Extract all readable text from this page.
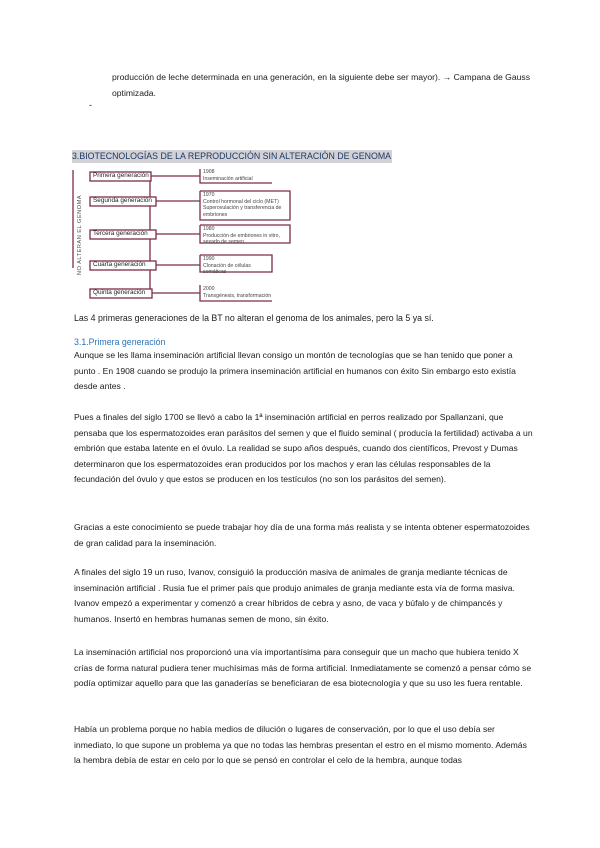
producción de leche determinada en una generación, en la siguiente debe ser mayor). → Campana de Gauss optimizada.

-
3.BIOTECNOLOGÍAS DE LA REPRODUCCIÓN SIN ALTERACIÓN DE GENOMA
NO ALTERAN EL GENOMA
Primera generación
Segunda generación
Tercera generación
Cuarta generación
Quinta generación
1908
Inseminación artificial
1970
Control hormonal del ciclo (MET)
Superovulación y transferencia de embriones
1980
Producción de embriones in vitro, sexado de semen
1990
Clonación de células somáticas
2000
Transgénesis, transformación
Las 4 primeras generaciones de la BT no alteran el genoma de los animales, pero la 5 ya sí.
3.1.Primera generación

Aunque se les llama inseminación artificial llevan consigo un montón de tecnologías que se han tenido que poner a punto . En 1908 cuando se produjo la primera inseminación artificial en humanos con éxito Sin embargo esto existía desde antes .

Pues a finales del siglo 1700 se llevó a cabo la 1ª inseminación artificial en perros realizado por Spallanzani, que pensaba que los espermatozoides eran parásitos del semen y que el fluido seminal ( producía la fertilidad) activaba a un embrión que estaba latente en el óvulo. La realidad se supo años después, cuando dos científicos, Prevost y Dumas determinaron que los espermatozoides eran producidos por los machos y eran las células responsables de la fecundación del óvulo y que estos se producen en los testículos (no son los parásitos del semen).

Gracias a este conocimiento se puede trabajar hoy día de una forma más realista y se intenta obtener espermatozoides de gran calidad para la inseminación.

A finales del siglo 19 un ruso, Ivanov, consiguió la producción masiva de animales de granja mediante técnicas de inseminación artificial . Rusia fue el primer país que produjo animales de granja mediante esta vía de forma masiva. Ivanov empezó a experimentar y comenzó a crear híbridos de cebra y asno, de vaca y búfalo y de chimpancés y humanos. Insertó en hembras humanas semen de mono, sin éxito.

La inseminación artificial nos proporcionó una vía importantísima para conseguir que un macho que hubiera tenido X crías de forma natural pudiera tener muchísimas más de forma artificial. Inmediatamente se comenzó a pensar cómo se podía optimizar aquello para que las ganaderías se beneficiaran de esa biotecnología y que su uso les fuera rentable.

Había un problema porque no había medios de dilución o lugares de conservación, por lo que el uso debía ser inmediato, lo que supone un problema ya que no todas las hembras presentan el estro en el mismo momento. Además la hembra debía de estar en celo por lo que se pensó en controlar el celo de la hembra, aunque todas
